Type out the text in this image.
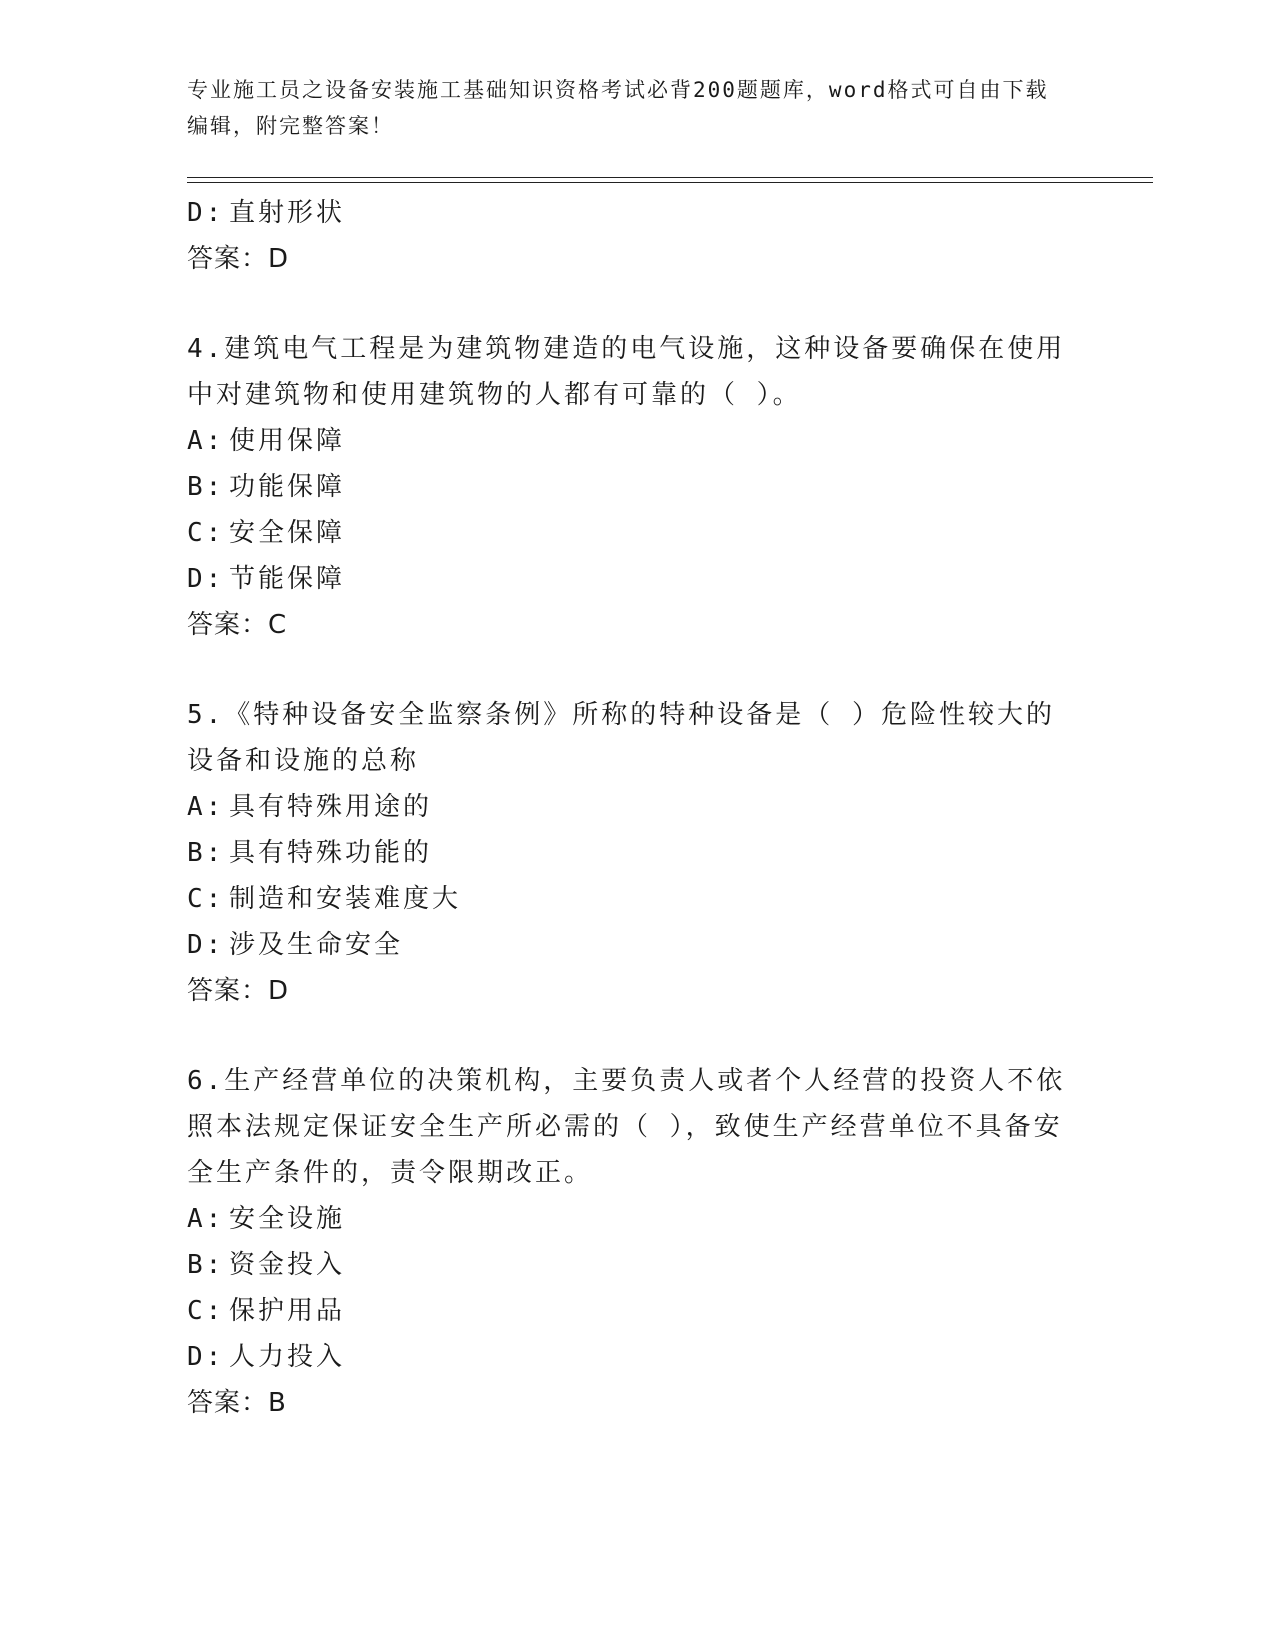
专业施工员之设备安装施工基础知识资格考试必背200题题库，word格式可自由下载编辑，附完整答案！
D: 直射形状
答案：D
4.建筑电气工程是为建筑物建造的电气设施，这种设备要确保在使用中对建筑物和使用建筑物的人都有可靠的（ ）。
A: 使用保障
B: 功能保障
C: 安全保障
D: 节能保障
答案：C
5.《特种设备安全监察条例》所称的特种设备是（ ）危险性较大的设备和设施的总称
A: 具有特殊用途的
B: 具有特殊功能的
C: 制造和安装难度大
D: 涉及生命安全
答案：D
6.生产经营单位的决策机构，主要负责人或者个人经营的投资人不依照本法规定保证安全生产所必需的（ ），致使生产经营单位不具备安全生产条件的，责令限期改正。
A: 安全设施
B: 资金投入
C: 保护用品
D: 人力投入
答案：B
